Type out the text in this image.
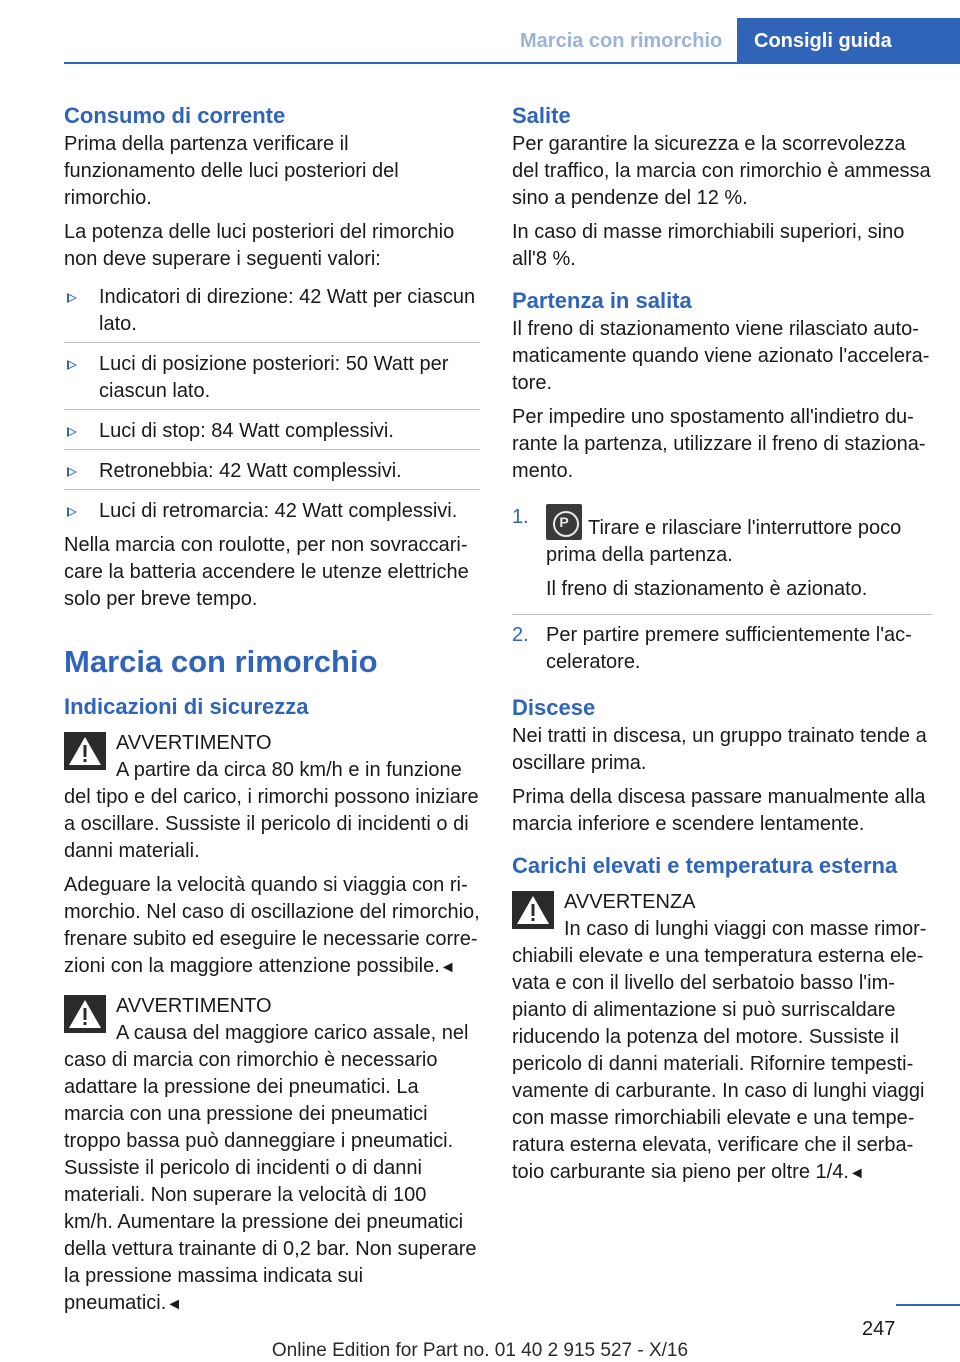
Marcia con rimorchio	Consigli guida
Consumo di corrente

Prima della partenza verificare il funzionamento delle luci posteriori del rimorchio.

La potenza delle luci posteriori del rimorchio non deve superare i seguenti valori:

Indicatori di direzione: 42 Watt per ciascun lato.
Luci di posizione posteriori: 50 Watt per ciascun lato.
Luci di stop: 84 Watt complessivi.
Retronebbia: 42 Watt complessivi.
Luci di retromarcia: 42 Watt complessivi.

Nella marcia con roulotte, per non sovraccaricare la batteria accendere le utenze elettriche solo per breve tempo.

Marcia con rimorchio
Indicazioni di sicurezza
AVVERTIMENTO

A partire da circa 80 km/h e in funzione del tipo e del carico, i rimorchi possono iniziare a oscillare. Sussiste il pericolo di incidenti o di danni materiali.

Adeguare la velocità quando si viaggia con rimorchio. Nel caso di oscillazione del rimorchio, frenare subito ed eseguire le necessarie correzioni con la maggiore attenzione possibile.◄

AVVERTIMENTO

A causa del maggiore carico assale, nel caso di marcia con rimorchio è necessario adattare la pressione dei pneumatici. La marcia con una pressione dei pneumatici troppo bassa può danneggiare i pneumatici. Sussiste il pericolo di incidenti o di danni materiali. Non superare la velocità di 100 km/h. Aumentare la pressione dei pneumatici della vettura trainante di 0,2 bar. Non superare la pressione massima indicata sui pneumatici.◄

Salite

Per garantire la sicurezza e la scorrevolezza del traffico, la marcia con rimorchio è ammessa sino a pendenze del 12 %.

In caso di masse rimorchiabili superiori, sino all'8 %.

Partenza in salita

Il freno di stazionamento viene rilasciato automaticamente quando viene azionato l'acceleratore.

Per impedire uno spostamento all'indietro durante la partenza, utilizzare il freno di stazionamento.

1 .	P Tirare e rilasciare l'interruttore poco prima della partenza.

Il freno di stazionamento è azionato.

2 . Per partire premere sufficientemente l'acceleratore.
Discese

Nei tratti in discesa, un gruppo trainato tende a oscillare prima.

Prima della discesa passare manualmente alla marcia inferiore e scendere lentamente.

Carichi elevati e temperatura esterna
AVVERTENZA

In caso di lunghi viaggi con masse rimorchiabili elevate e una temperatura esterna elevata e con il livello del serbatoio basso l'impianto di alimentazione si può surriscaldare riducendo la potenza del motore. Sussiste il pericolo di danni materiali. Rifornire tempestivamente di carburante. In caso di lunghi viaggi con masse rimorchiabili elevate e una temperatura esterna elevata, verificare che il serbatoio carburante sia pieno per oltre 1/4.◄

247
Online Edition for Part no. 01 40 2 915 527 - X/16
